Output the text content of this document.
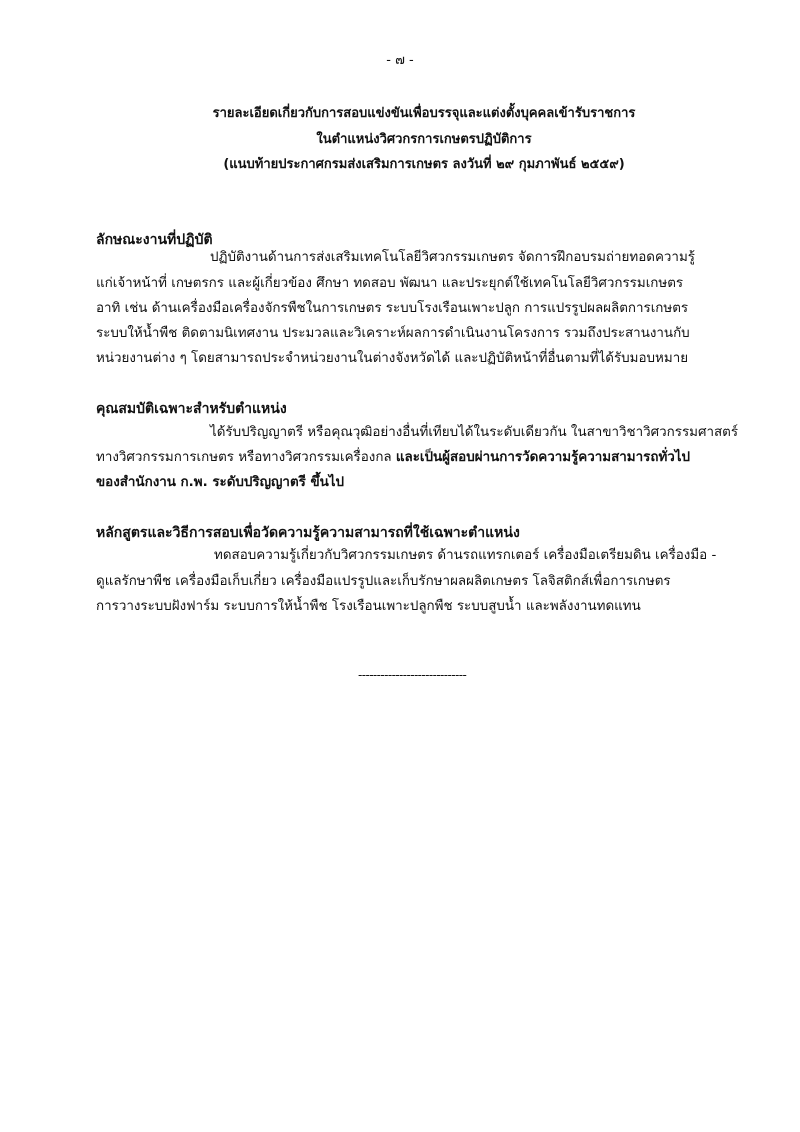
- ๗ -
รายละเอียดเกี่ยวกับการสอบแข่งขันเพื่อบรรจุและแต่งตั้งบุคคลเข้ารับราชการ
ในตำแหน่งวิศวกรการเกษตรปฏิบัติการ
(แนบท้ายประกาศกรมส่งเสริมการเกษตร ลงวันที่ ๒๙ กุมภาพันธ์ ๒๕๕๙)
ลักษณะงานที่ปฏิบัติ
ปฏิบัติงานด้านการส่งเสริมเทคโนโลยีวิศวกรรมเกษตร จัดการฝึกอบรมถ่ายทอดความรู้
แก่เจ้าหน้าที่ เกษตรกร และผู้เกี่ยวข้อง ศึกษา ทดสอบ พัฒนา และประยุกต์ใช้เทคโนโลยีวิศวกรรมเกษตร
อาทิ เช่น ด้านเครื่องมือเครื่องจักรพืชในการเกษตร ระบบโรงเรือนเพาะปลูก การแปรรูปผลผลิตการเกษตร
ระบบให้น้ำพืช ติดตามนิเทศงาน ประมวลและวิเคราะห์ผลการดำเนินงานโครงการ รวมถึงประสานงานกับ
หน่วยงานต่าง ๆ โดยสามารถประจำหน่วยงานในต่างจังหวัดได้ และปฏิบัติหน้าที่อื่นตามที่ได้รับมอบหมาย
คุณสมบัติเฉพาะสำหรับตำแหน่ง
ได้รับปริญญาตรี หรือคุณวุฒิอย่างอื่นที่เทียบได้ในระดับเดียวกัน ในสาขาวิชาวิศวกรรมศาสตร์
ทางวิศวกรรมการเกษตร หรือทางวิศวกรรมเครื่องกล และเป็นผู้สอบผ่านการวัดความรู้ความสามารถทั่วไป
ของสำนักงาน ก.พ. ระดับปริญญาตรี ขึ้นไป
หลักสูตรและวิธีการสอบเพื่อวัดความรู้ความสามารถที่ใช้เฉพาะตำแหน่ง
ทดสอบความรู้เกี่ยวกับวิศวกรรมเกษตร ด้านรถแทรกเตอร์ เครื่องมือเตรียมดิน เครื่องมือ -
ดูแลรักษาพืช เครื่องมือเก็บเกี่ยว เครื่องมือแปรรูปและเก็บรักษาผลผลิตเกษตร โลจิสติกส์เพื่อการเกษตร
การวางระบบฝังฟาร์ม ระบบการให้น้ำพืช โรงเรือนเพาะปลูกพืช ระบบสูบน้ำ และพลังงานทดแทน
-----------------------------
